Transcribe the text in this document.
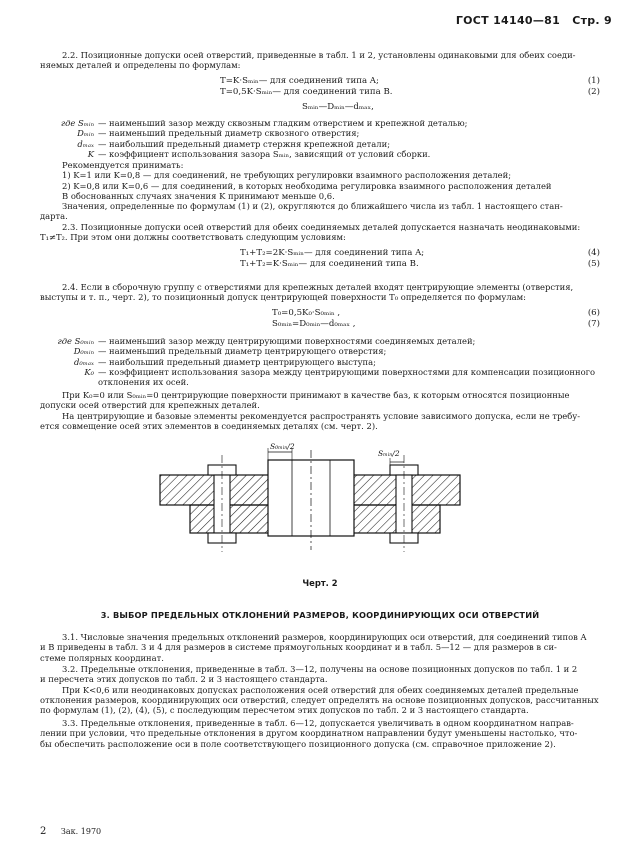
ГОСТ 14140—81 Стр. 9
2.2. Позиционные допуски осей отверстий, приведенные в табл. 1 и 2, установлены одинаковыми для обеих соеди-
няемых деталей и определены по формулам:
T=K·Sₘᵢₙ— для соединений типа A;	(1)
T=0,5K·Sₘᵢₙ— для соединений типа B.	(2)
Sₘᵢₙ—Dₘᵢₙ—dₘₐₓ,
где Sₘᵢₙ — наименьший зазор между сквозным гладким отверстием и крепежной деталью;
Dₘᵢₙ — наименьший предельный диаметр сквозного отверстия;
dₘₐₓ — наибольший предельный диаметр стержня крепежной детали;
K — коэффициент использования зазора Sₘᵢₙ, зависящий от условий сборки.
Рекомендуется принимать:
1) K=1 или K=0,8 — для соединений, не требующих регулировки взаимного расположения деталей;
2) K=0,8 или K=0,6 — для соединений, в которых необходима регулировка взаимного расположения деталей
В обоснованных случаях значения K принимают меньше 0,6.
Значения, определенные по формулам (1) и (2), округляются до ближайшего числа из табл. 1 настоящего стан-
дарта.
2.3. Позиционные допуски осей отверстий для обеих соединяемых деталей допускается назначать неодинаковыми:
T₁≠T₂. При этом они должны соответствовать следующим условиям:
T₁+T₂=2K·Sₘᵢₙ— для соединений типа A;	(4)
T₁+T₂=K·Sₘᵢₙ— для соединений типа B.	(5)
2.4. Если в сборочную группу с отверстиями для крепежных деталей входят центрирующие элементы (отверстия,
выступы и т. п., черт. 2), то позиционный допуск центрирующей поверхности T₀ определяется по формулам:
T₀=0,5K₀·S₀ₘᵢₙ ,	(6)
S₀ₘᵢₙ=D₀ₘᵢₙ—d₀ₘₐₓ ,	(7)
где S₀ₘᵢₙ — наименьший зазор между центрирующими поверхностями соединяемых деталей;
D₀ₘᵢₙ — наименьший предельный диаметр центрирующего отверстия;
d₀ₘₐₓ — наибольший предельный диаметр центрирующего выступа;
K₀ — коэффициент использования зазора между центрирующими поверхностями для компенсации позиционного
отклонения их осей.
При K₀=0 или S₀ₘᵢₙ=0 центрирующие поверхности принимают в качестве баз, к которым относятся позиционные
допуски осей отверстий для крепежных деталей.
На центрирующие и базовые элементы рекомендуется распространять условие зависимого допуска, если не требу-
ется совмещение осей этих элементов в соединяемых деталях (см. черт. 2).
S₀ₘᵢₙ/2
Sₘᵢₙ/2
Черт. 2
3. ВЫБОР ПРЕДЕЛЬНЫХ ОТКЛОНЕНИЙ РАЗМЕРОВ, КООРДИНИРУЮЩИХ ОСИ ОТВЕРСТИЙ
3.1. Числовые значения предельных отклонений размеров, координирующих оси отверстий, для соединений типов A
и B приведены в табл. 3 и 4 для размеров в системе прямоугольных координат и в табл. 5—12 — для размеров в си-
стеме полярных координат.
3.2. Предельные отклонения, приведенные в табл. 3—12, получены на основе позиционных допусков по табл. 1 и 2
и пересчета этих допусков по табл. 2 и 3 настоящего стандарта.
При K<0,6 или неодинаковых допусках расположения осей отверстий для обеих соединяемых деталей предельные
отклонения размеров, координирующих оси отверстий, следует определять на основе позиционных допусков, рассчитанных
по формулам (1), (2), (4), (5), с последующим пересчетом этих допусков по табл. 2 и 3 настоящего стандарта.
3.3. Предельные отклонения, приведенные в табл. 6—12, допускается увеличивать в одном координатном направ-
лении при условии, что предельные отклонения в другом координатном направлении будут уменьшены настолько, что-
бы обеспечить расположение оси в поле соответствующего позиционного допуска (см. справочное приложение 2).
2 Зак. 1970
